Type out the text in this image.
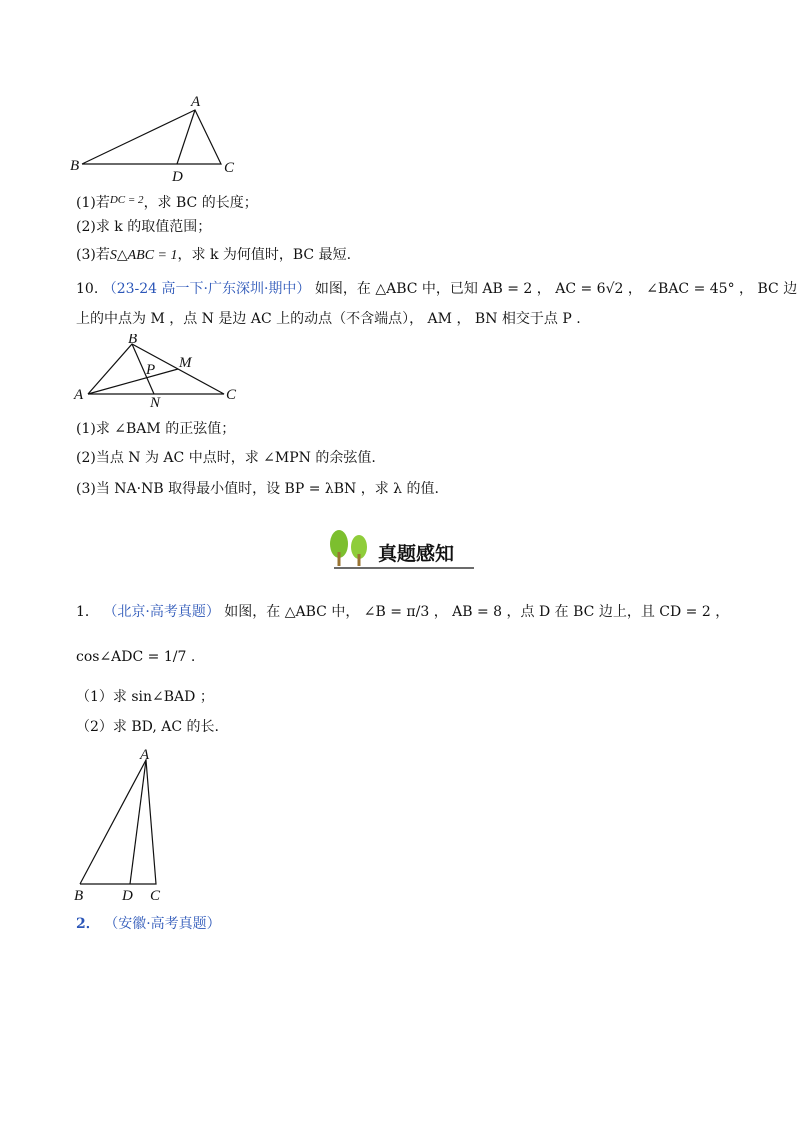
A
B	C
D
(1)若$^{DC = 2}$，求 BC 的长度；
(2)求 k 的取值范围；
(3)若S△ABC = 1，求 k 为何值时，BC 最短.
10. （23-24 高一下·广东深圳·期中） 如图，在 △ABC 中，已知 AB = 2 ， AC = 6√2 ， ∠BAC = 45° ， BC 边
上的中点为 M ，点 N 是边 AC 上的动点（不含端点）， AM ， BN 相交于点 P .
B
M
P
A	C
N
(1)求 ∠BAM 的正弦值；
(2)当点 N 为 AC 中点时，求 ∠MPN 的余弦值.
(3)当 NA·NB 取得最小值时，设 BP = λBN ，求 λ 的值.
真题感知
1． （北京·高考真题） 如图，在 △ABC 中， ∠B = π/3 ， AB = 8 ，点 D 在 BC 边上，且 CD = 2 ，
cos∠ADC = 1/7 .
（1）求 sin∠BAD ；
（2）求 BD, AC 的长.
A
B	D C
2． （安徽·高考真题）
